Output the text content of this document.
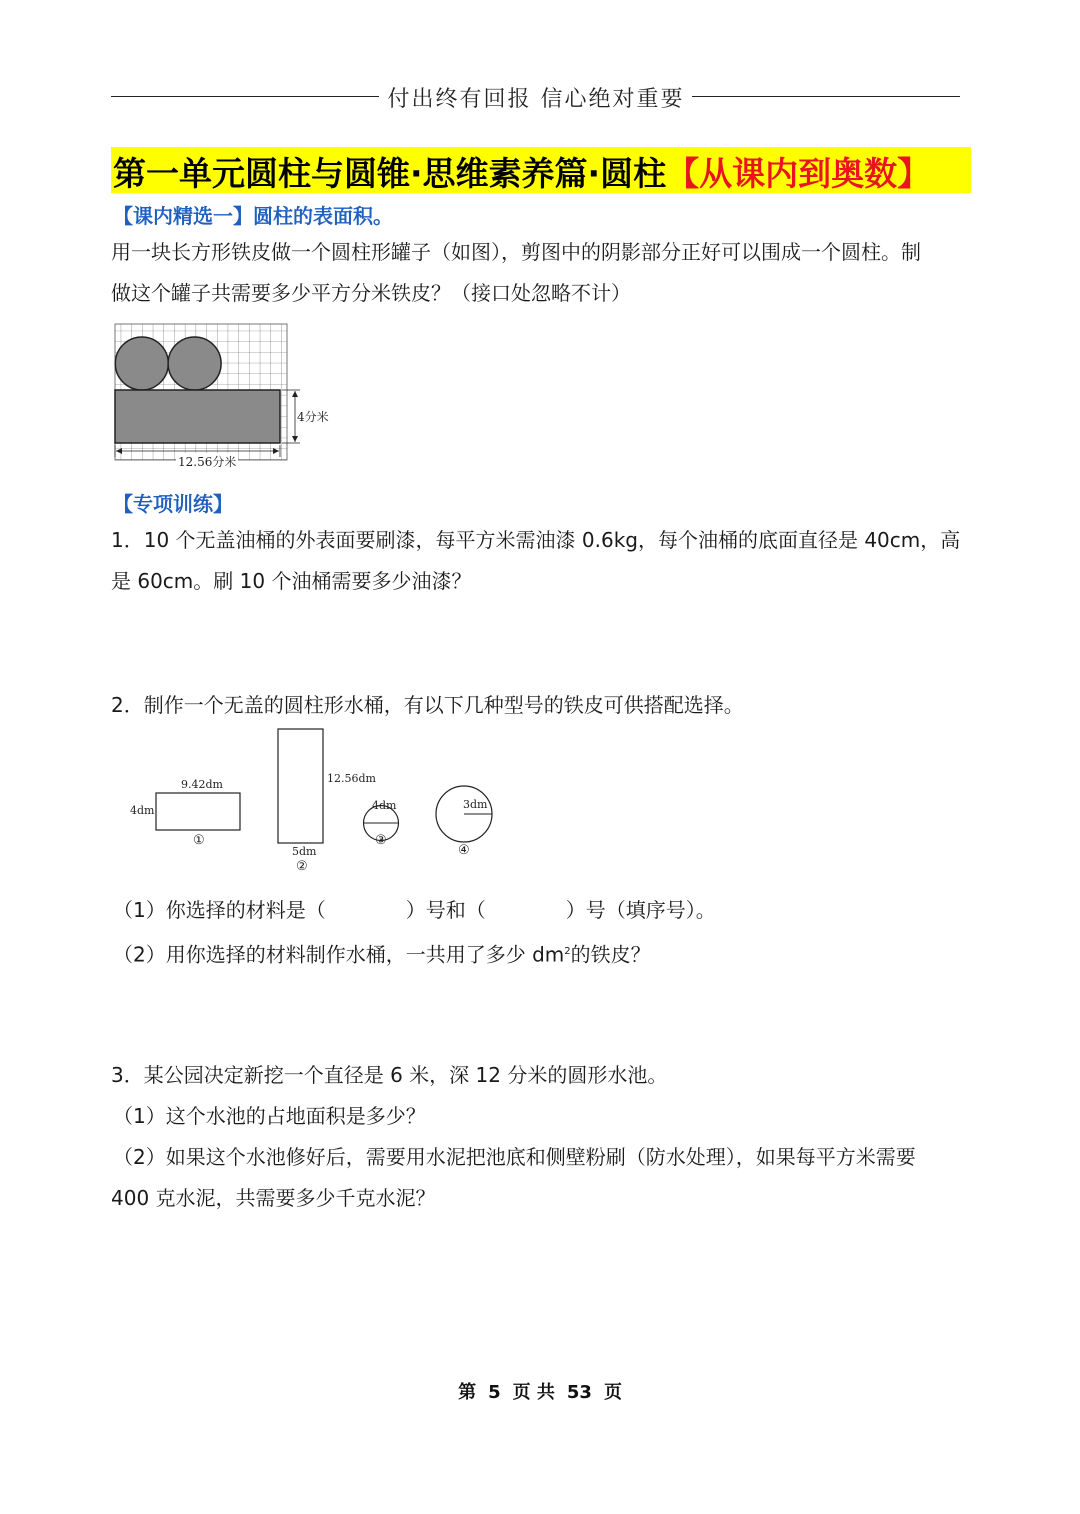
付出终有回报 信心绝对重要
第一单元圆柱与圆锥·思维素养篇·圆柱【从课内到奥数】
【课内精选一】圆柱的表面积。
用一块长方形铁皮做一个圆柱形罐子（如图），剪图中的阴影部分正好可以围成一个圆柱。制
做这个罐子共需要多少平方分米铁皮？（接口处忽略不计）
4分米
12.56分米
【专项训练】
1．10 个无盖油桶的外表面要刷漆，每平方米需油漆 0.6kg，每个油桶的底面直径是 40cm，高
是 60cm。刷 10 个油桶需要多少油漆？
2．制作一个无盖的圆柱形水桶，有以下几种型号的铁皮可供搭配选择。
9.42dm
4dm
①
12.56dm
5dm
②
4dm
③
3dm
④
（1）你选择的材料是（　　　　）号和（　　　　）号（填序号）。
（2）用你选择的材料制作水桶，一共用了多少 $dm^2$的铁皮？
3．某公园决定新挖一个直径是 6 米，深 12 分米的圆形水池。
（1）这个水池的占地面积是多少？
（2）如果这个水池修好后，需要用水泥把池底和侧壁粉刷（防水处理），如果每平方米需要
400 克水泥，共需要多少千克水泥？
第 5 页 共 53 页
